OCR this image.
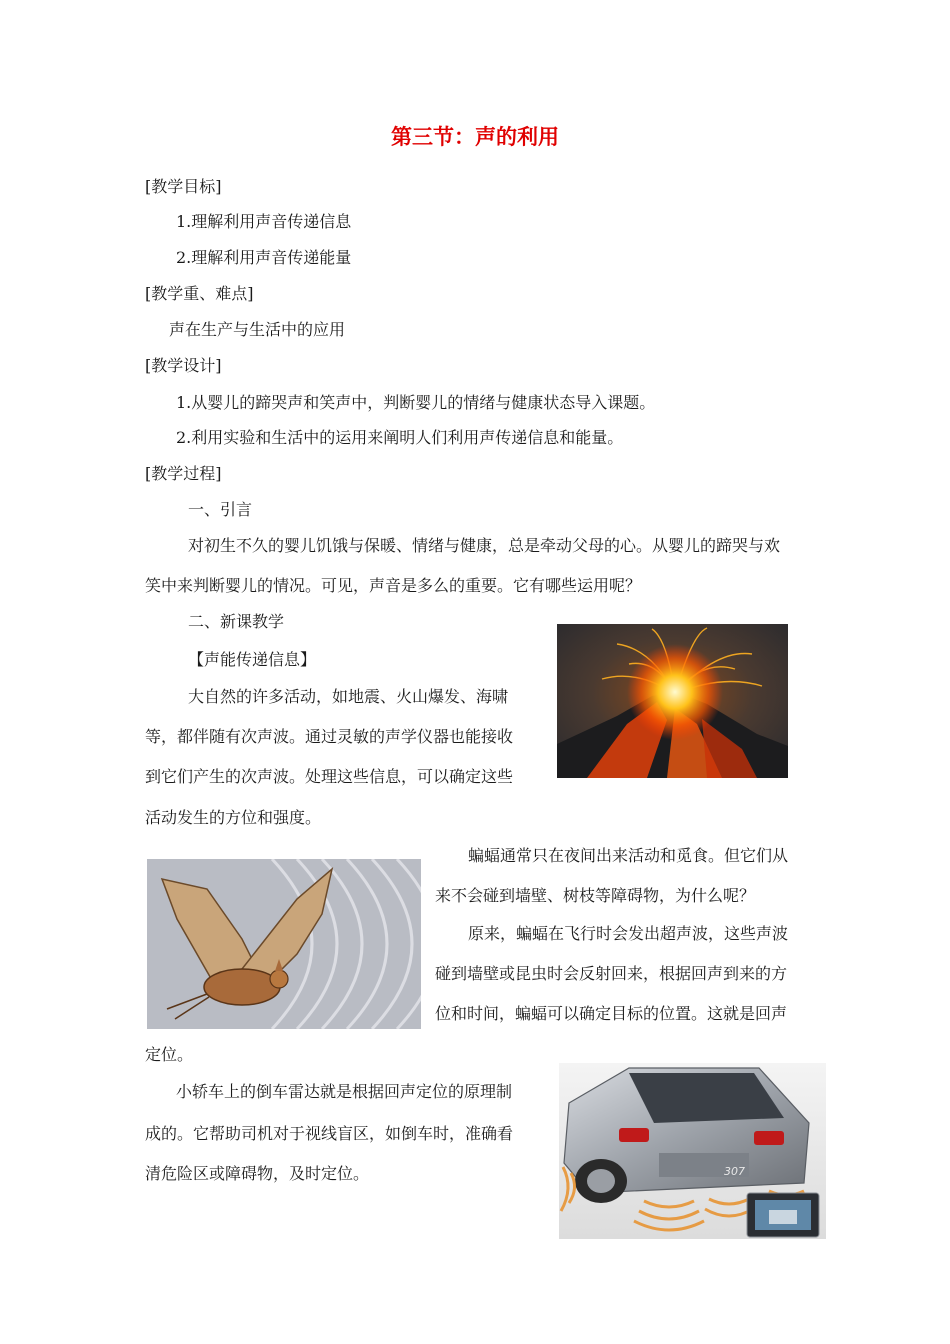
第三节：声的利用
[教学目标]
1.理解利用声音传递信息
2.理解利用声音传递能量
[教学重、难点]
声在生产与生活中的应用
[教学设计]
1.从婴儿的蹄哭声和笑声中，判断婴儿的情绪与健康状态导入课题。
2.利用实验和生活中的运用来阐明人们利用声传递信息和能量。
[教学过程]
一、引言
对初生不久的婴儿饥饿与保暖、情绪与健康，总是牵动父母的心。从婴儿的蹄哭与欢
笑中来判断婴儿的情况。可见，声音是多么的重要。它有哪些运用呢？
二、新课教学
【声能传递信息】
大自然的许多活动，如地震、火山爆发、海啸
等，都伴随有次声波。通过灵敏的声学仪器也能接收
到它们产生的次声波。处理这些信息，可以确定这些
活动发生的方位和强度。
蝙蝠通常只在夜间出来活动和觅食。但它们从
来不会碰到墙壁、树枝等障碍物，为什么呢？
原来，蝙蝠在飞行时会发出超声波，这些声波
碰到墙壁或昆虫时会反射回来，根据回声到来的方
位和时间，蝙蝠可以确定目标的位置。这就是回声
定位。
小轿车上的倒车雷达就是根据回声定位的原理制
成的。它帮助司机对于视线盲区，如倒车时，准确看
清危险区或障碍物，及时定位。	307
